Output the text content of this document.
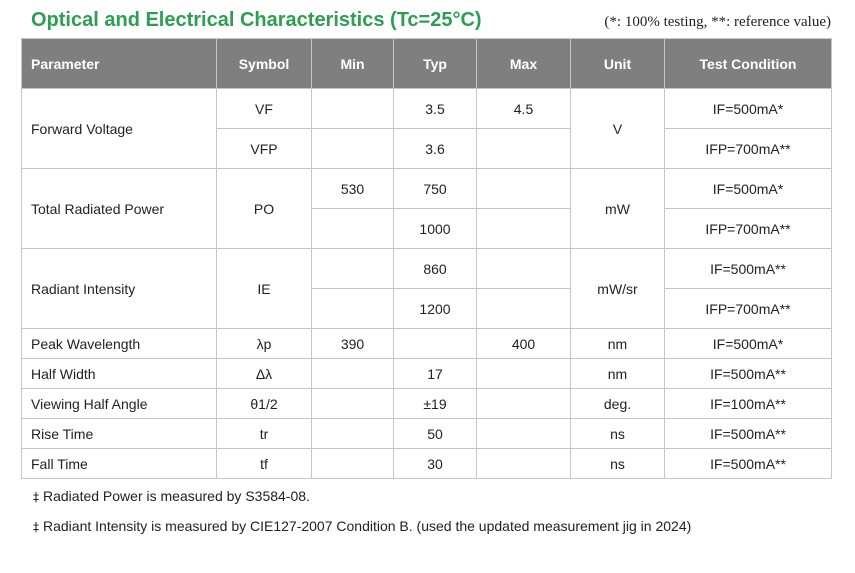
Optical and Electrical Characteristics (Tc=25°C)	(*: 100% testing, **: reference value)
Parameter	Symbol	Min	Typ	Max	Unit	Test Condition
Forward Voltage	VF		3.5	4.5	V	IF=500mA*
	VFP		3.6			IFP=700mA**
Total Radiated Power	PO	530	750		mW	IF=500mA*
			1000			IFP=700mA**
Radiant Intensity	IE		860		mW/sr	IF=500mA**
			1200			IFP=700mA**
Peak Wavelength	λp	390		400	nm	IF=500mA*
Half Width	Δλ		17		nm	IF=500mA**
Viewing Half Angle	θ1/2		±19		deg.	IF=100mA**
Rise Time	tr		50		ns	IF=500mA**
Fall Time	tf		30		ns	IF=500mA**
‡ Radiated Power is measured by S3584-08.
‡ Radiant Intensity is measured by CIE127-2007 Condition B. (used the updated measurement jig in 2024)
